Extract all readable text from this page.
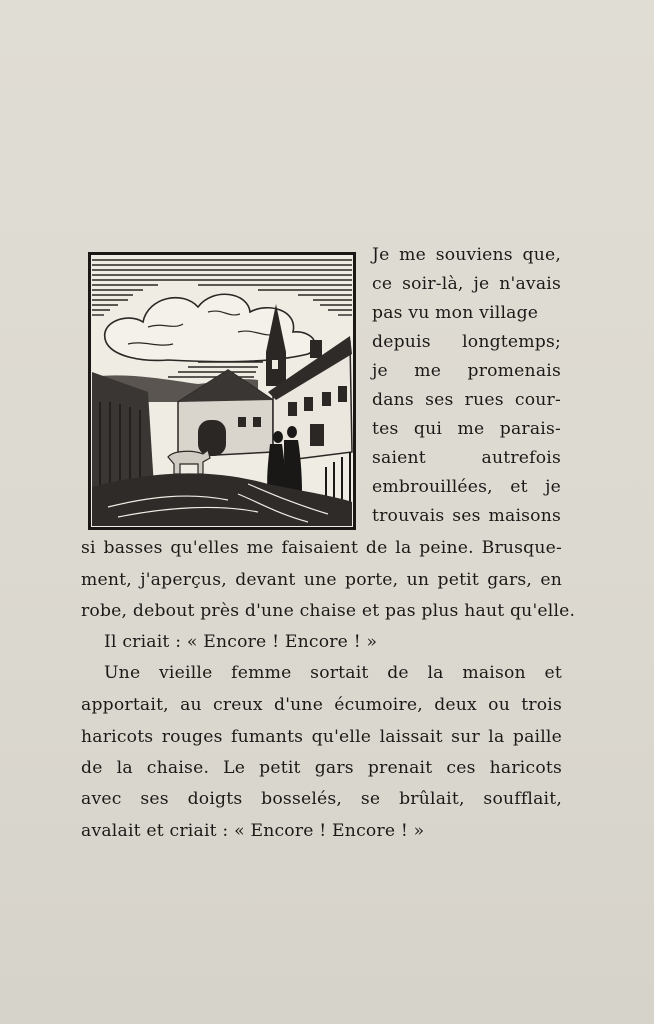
Je me souviens que,
ce soir-là, je n'avais
pas vu mon village
depuis longtemps;
je me promenais
dans ses rues cour-
tes qui me parais-
saient autrefois
embrouillées, et je
trouvais ses maisons
si basses qu'elles me faisaient de la peine. Brusque-
ment, j'aperçus, devant une porte, un petit gars, en
robe, debout près d'une chaise et pas plus haut qu'elle.
Il criait : « Encore ! Encore ! »
Une vieille femme sortait de la maison et
apportait, au creux d'une écumoire, deux ou trois
haricots rouges fumants qu'elle laissait sur la paille
de la chaise. Le petit gars prenait ces haricots
avec ses doigts bosselés, se brûlait, soufflait,
avalait et criait : « Encore ! Encore ! »
